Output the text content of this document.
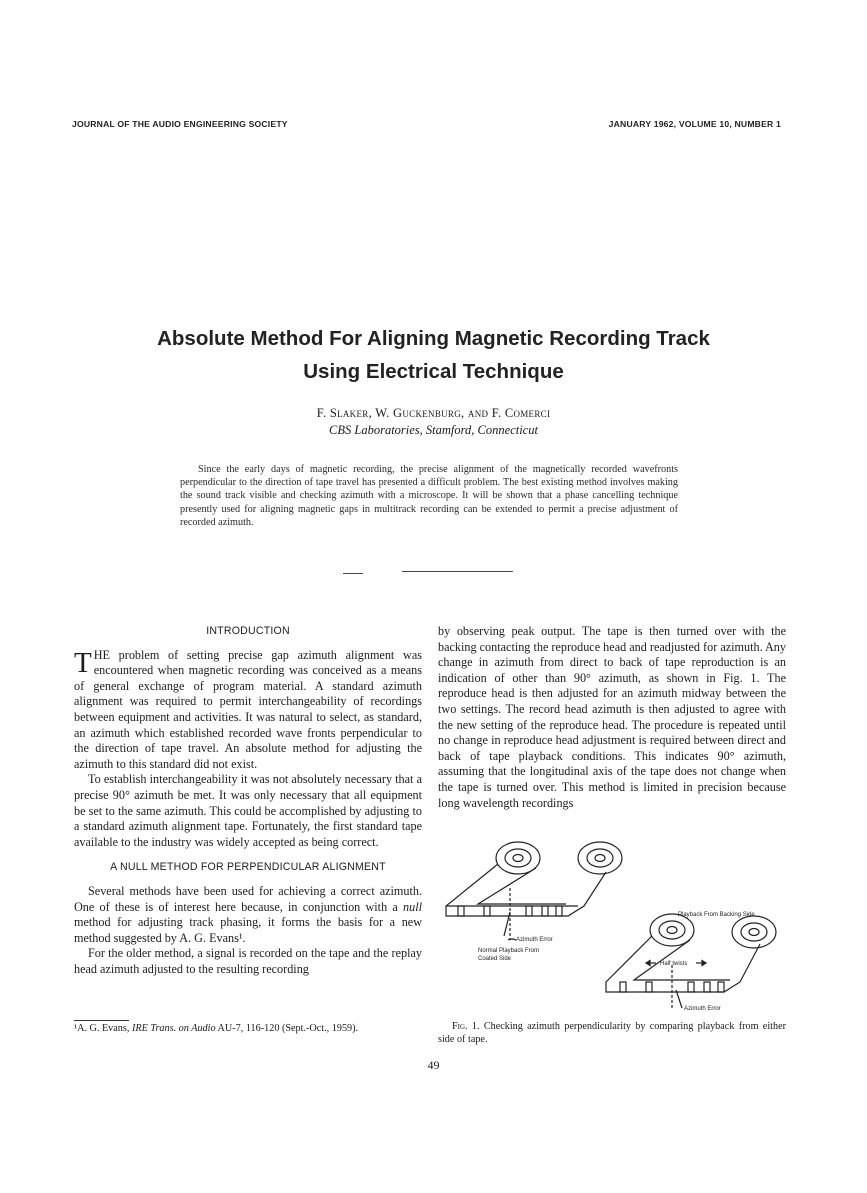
JOURNAL OF THE AUDIO ENGINEERING SOCIETY	JANUARY 1962, VOLUME 10, NUMBER 1
Absolute Method For Aligning Magnetic Recording Track
Using Electrical Technique
F. Slaker, W. Guckenburg, and F. Comerci
CBS Laboratories, Stamford, Connecticut
Since the early days of magnetic recording, the precise alignment of the magnetically recorded wavefronts perpendicular to the direction of tape travel has presented a difficult problem. The best existing method involves making the sound track visible and checking azimuth with a microscope. It will be shown that a phase cancelling technique presently used for aligning magnetic gaps in multitrack recording can be extended to permit a precise adjustment of recorded azimuth.
INTRODUCTION

THE problem of setting precise gap azimuth alignment was encountered when magnetic recording was conceived as a means of general exchange of program material. A standard azimuth alignment was required to permit interchangeability of recordings between equipment and activities. It was natural to select, as standard, an azimuth which established recorded wave fronts perpendicular to the direction of tape travel. An absolute method for adjusting the azimuth to this standard did not exist.

To establish interchangeability it was not absolutely necessary that a precise 90° azimuth be met. It was only necessary that all equipment be set to the same azimuth. This could be accomplished by adjusting to a standard azimuth alignment tape. Fortunately, the first standard tape available to the industry was widely accepted as being correct.

A NULL METHOD FOR PERPENDICULAR ALIGNMENT

Several methods have been used for achieving a correct azimuth. One of these is of interest here because, in conjunction with a null method for adjusting track phasing, it forms the basis for a new method suggested by A. G. Evans¹.

For the older method, a signal is recorded on the tape and the replay head azimuth adjusted to the resulting recording

¹A. G. Evans, IRE Trans. on Audio AU-7, 116-120 (Sept.-Oct., 1959).

by observing peak output. The tape is then turned over with the backing contacting the reproduce head and readjusted for azimuth. Any change in azimuth from direct to back of tape reproduction is an indication of other than 90° azimuth, as shown in Fig. 1. The reproduce head is then adjusted for an azimuth midway between the two settings. The record head azimuth is then adjusted to agree with the new setting of the reproduce head. The procedure is repeated until no change in reproduce head adjustment is required between direct and back of tape playback conditions. This indicates 90° azimuth, assuming that the longitudinal axis of the tape does not change when the tape is turned over. This method is limited in precision because long wavelength recordings

Azimuth Error
Normal Playback From
Coated Side
Playback From Backing Side
Half twists
Azimuth Error
Fig. 1. Checking azimuth perpendicularity by comparing playback from either side of tape.
49
